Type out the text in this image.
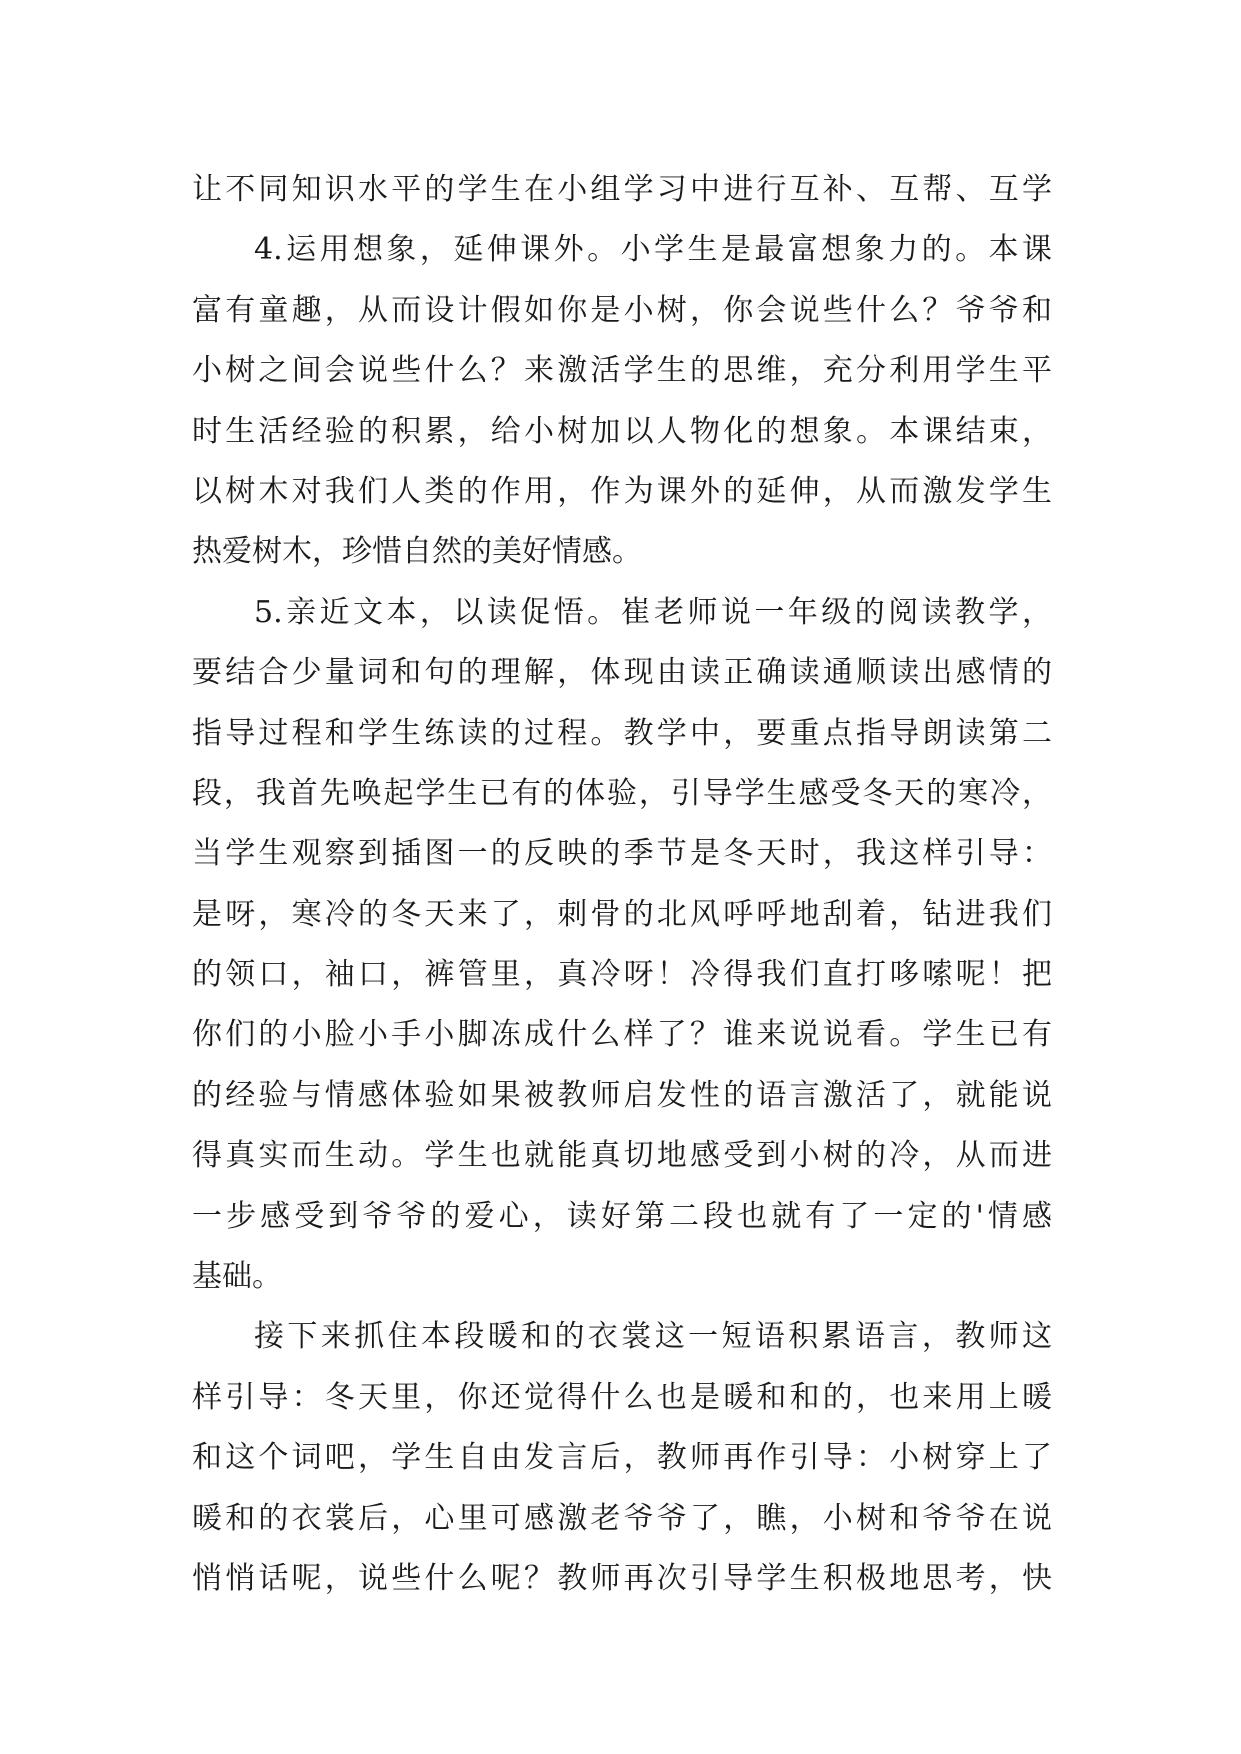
让不同知识水平的学生在小组学习中进行互补、互帮、互学
4.运用想象，延伸课外。小学生是最富想象力的。本课
富有童趣，从而设计假如你是小树，你会说些什么？爷爷和
小树之间会说些什么？来激活学生的思维，充分利用学生平
时生活经验的积累，给小树加以人物化的想象。本课结束，
以树木对我们人类的作用，作为课外的延伸，从而激发学生
热爱树木，珍惜自然的美好情感。
5.亲近文本，以读促悟。崔老师说一年级的阅读教学，
要结合少量词和句的理解，体现由读正确读通顺读出感情的
指导过程和学生练读的过程。教学中，要重点指导朗读第二
段，我首先唤起学生已有的体验，引导学生感受冬天的寒冷，
当学生观察到插图一的反映的季节是冬天时，我这样引导：
是呀，寒冷的冬天来了，刺骨的北风呼呼地刮着，钻进我们
的领口，袖口，裤管里，真冷呀！冷得我们直打哆嗦呢！把
你们的小脸小手小脚冻成什么样了？谁来说说看。学生已有
的经验与情感体验如果被教师启发性的语言激活了，就能说
得真实而生动。学生也就能真切地感受到小树的冷，从而进
一步感受到爷爷的爱心，读好第二段也就有了一定的'情感
基础。
接下来抓住本段暖和的衣裳这一短语积累语言，教师这
样引导：冬天里，你还觉得什么也是暖和和的，也来用上暖
和这个词吧，学生自由发言后，教师再作引导：小树穿上了
暖和的衣裳后，心里可感激老爷爷了，瞧，小树和爷爷在说
悄悄话呢，说些什么呢？教师再次引导学生积极地思考，快
